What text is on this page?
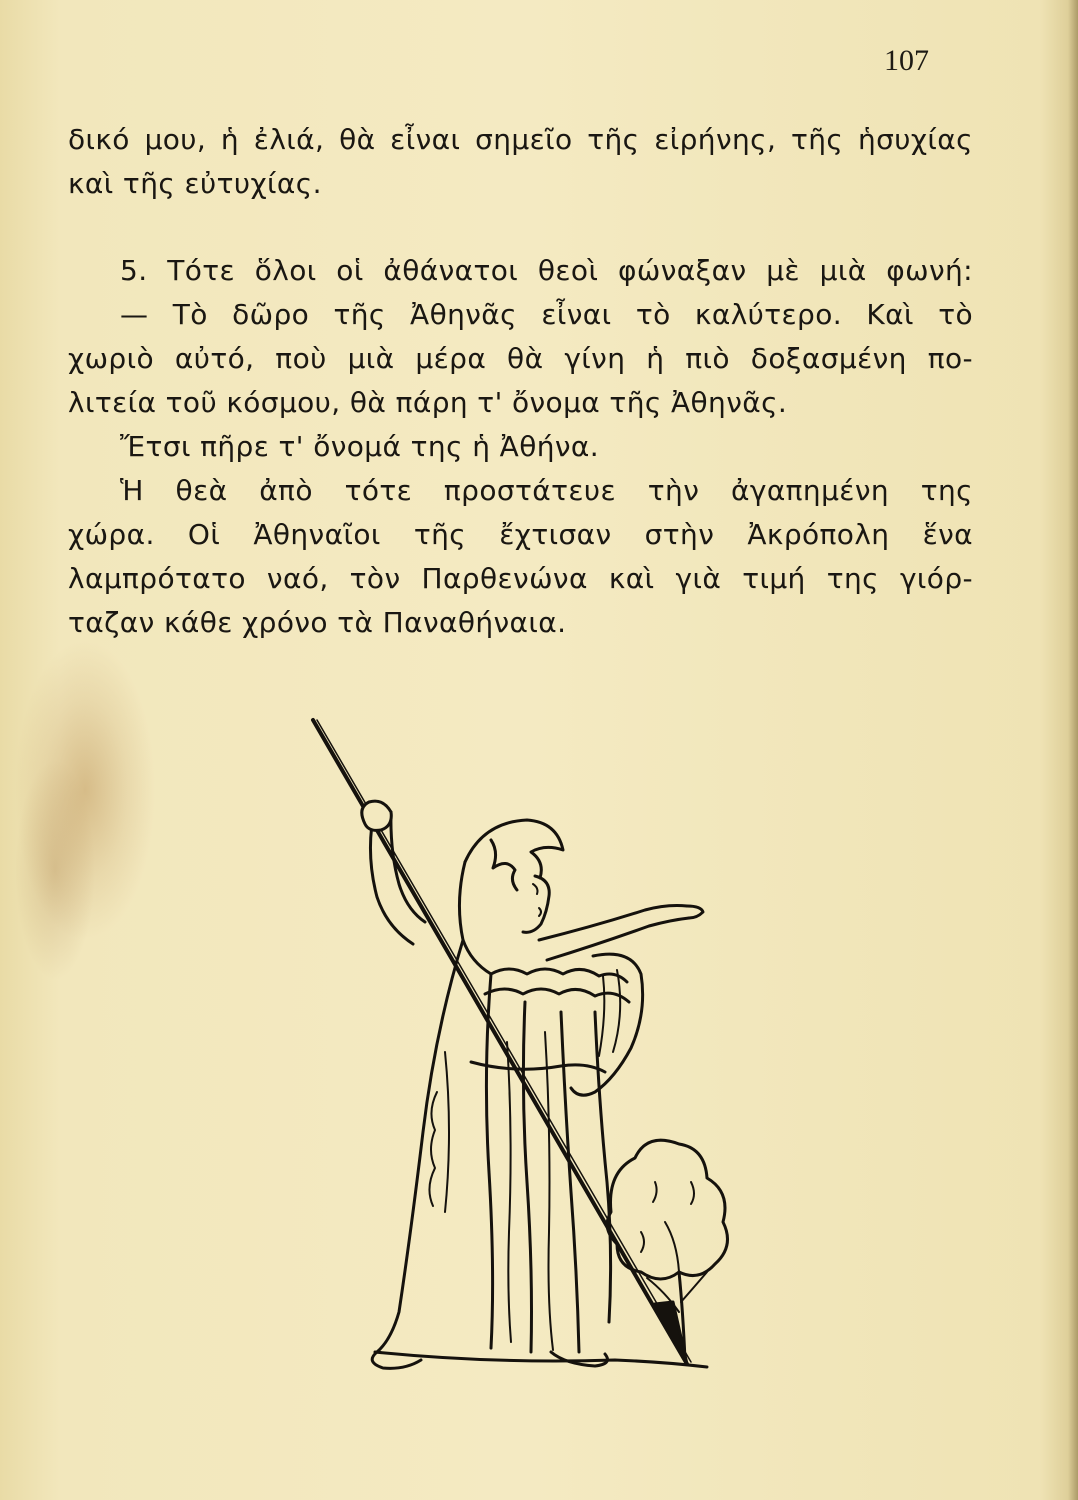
107
δικό μου, ἡ ἐλιά, θὰ εἶναι σημεῖο τῆς εἰρήνης, τῆς ἡσυχίας
καὶ τῆς εὐτυχίας.
5. Τότε ὅλοι οἱ ἀθάνατοι θεοὶ φώναξαν μὲ μιὰ φωνή:
— Τὸ δῶρο τῆς Ἀθηνᾶς εἶναι τὸ καλύτερο. Καὶ τὸ
χωριὸ αὐτό, ποὺ μιὰ μέρα θὰ γίνη ἡ πιὸ δοξασμένη πο-
λιτεία τοῦ κόσμου, θὰ πάρη τ' ὄνομα τῆς Ἀθηνᾶς.
Ἔτσι πῆρε τ' ὄνομά της ἡ Ἀθήνα.
Ἡ θεὰ ἀπὸ τότε προστάτευε τὴν ἀγαπημένη της
χώρα. Οἱ Ἀθηναῖοι τῆς ἔχτισαν στὴν Ἀκρόπολη ἕνα
λαμπρότατο ναό, τὸν Παρθενώνα καὶ γιὰ τιμή της γιόρ-
ταζαν κάθε χρόνο τὰ Παναθήναια.
